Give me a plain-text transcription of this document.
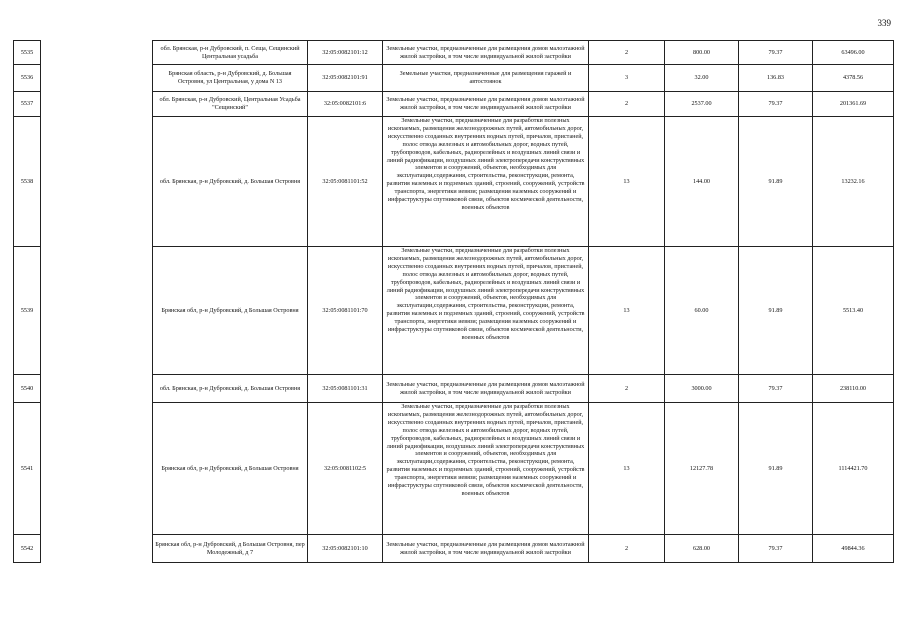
339
5535		обл. Брянская, р-н Дубровский, п. Сеща, Сещинский Центральная усадьба	32:05:0082101:12	Земельные участки, предназначенные для размещения домов малоэтажной жилой застройки, в том числе индивидуальной жилой застройки	2	800.00	79.37	63496.00
5536		Брянская область, р-н Дубровский, д. Большая Островня, ул Центральная, у дома N 13	32:05:0082101:91	Земельные участки, предназначенные для размещения гаражей и автостоянок	3	32.00	136.83	4378.56
5537		обл. Брянская, р-н Дубровский, Центральная Усадьба "Сещинский"	32:05:0082101:6	Земельные участки, предназначенные для размещения домов малоэтажной жилой застройки, в том числе индивидуальной жилой застройки	2	2537.00	79.37	201361.69
5538		обл. Брянская, р-н Дубровский, д. Большая Островня	32:05:0081101:52	Земельные участки, предназначенные для разработки полезных ископаемых, размещения железнодорожных путей, автомобильных дорог, искусственно созданных внутренних водных путей, причалов, пристаней, полос отвода железных и автомобильных дорог, водных путей, трубопроводов, кабельных, радиорелейных и воздушных линий связи и линий радиофикации, воздушных линий электропередачи конструктивных элементов и сооружений, объектов, необходимых для эксплуатации,содержания, строительства, реконструкции, ремонта, развития наземных и подземных зданий, строений, сооружений, устройств транспорта, энергетики иевязи; размещения наземных сооружений и инфраструктуры спутниковой связи, объектов космической деятельности, военных объектов	13	144.00	91.89	13232.16
5539		Брянская обл, р-н Дубровский, д Большая Островня	32:05:0081101:70	Земельные участки, предназначенные для разработки полезных ископаемых, размещения железнодорожных путей, автомобильных дорог, искусственно созданных внутренних водных путей, причалов, пристаней, полос отвода железных и автомобильных дорог, водных путей, трубопроводов, кабельных, радиорелейных и воздушных линий связи и линий радиофикации, воздушных линий электропередачи конструктивных элементов и сооружений, объектов, необходимых для эксплуатации,содержания, строительства, реконструкции, ремонта, развития наземных и подземных зданий, строений, сооружений, устройств транспорта, энергетики иевязи; размещения наземных сооружений и инфраструктуры спутниковой связи, объектов космической деятельности, военных объектов	13	60.00	91.89	5513.40
5540		обл. Брянская, р-н Дубровский, д. Большая Островня	32:05:0081101:31	Земельные участки, предназначенные для размещения домов малоэтажной жилой застройки, в том числе индивидуальной жилой застройки	2	3000.00	79.37	238110.00
5541		Брянская обл, р-н Дубровский, д Большая Островня	32:05:0081102:5	Земельные участки, предназначенные для разработки полезных ископаемых, размещения железнодорожных путей, автомобильных дорог, искусственно созданных внутренних водных путей, причалов, пристаней, полос отвода железных и автомобильных дорог, водных путей, трубопроводов, кабельных, радиорелейных и воздушных линий связи и линий радиофикации, воздушных линий электропередачи конструктивных элементов и сооружений, объектов, необходимых для эксплуатации,содержания, строительства, реконструкции, ремонта, развития наземных и подземных зданий, строений, сооружений, устройств транспорта, энергетики иевязи; размещения наземных сооружений и инфраструктуры спутниковой связи, объектов космической деятельности, военных объектов	13	12127.78	91.89	1114421.70
5542		Брянская обл, р-н Дубровский, д Большая Островня, пер Молодежный, д 7	32:05:0082101:10	Земельные участки, предназначенные для размещения домов малоэтажной жилой застройки, в том числе индивидуальной жилой застройки	2	628.00	79.37	49844.36
